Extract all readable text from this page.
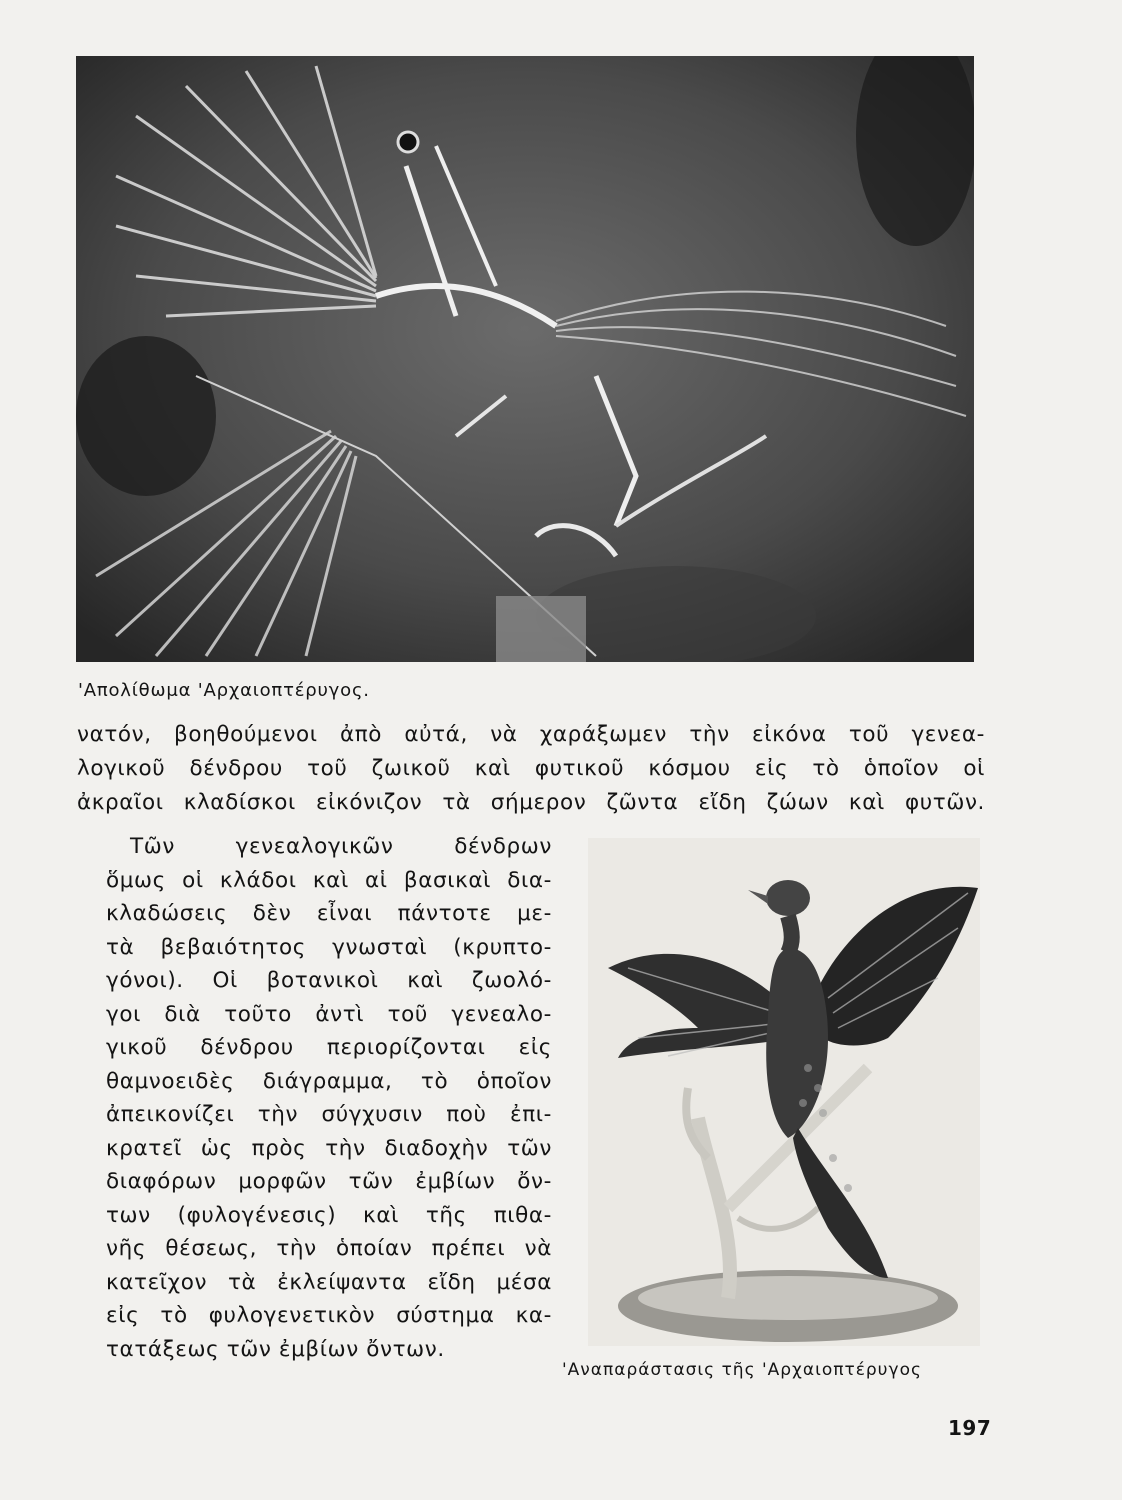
'Απολίθωμα 'Αρχαιοπτέρυγος.
νατόν, βοηθούμενοι ἀπὸ αὐτά, νὰ χαράξωμεν τὴν εἰκόνα τοῦ γενεα-
λογικοῦ δένδρου τοῦ ζωικοῦ καὶ φυτικοῦ κόσμου εἰς τὸ ὁποῖον οἱ
ἀκραῖοι κλαδίσκοι εἰκόνιζον τὰ σήμερον ζῶντα εἴδη ζώων καὶ φυτῶν.
Τῶν γενεαλογικῶν δένδρων
ὅμως οἱ κλάδοι καὶ αἱ βασικαὶ δια-
κλαδώσεις δὲν εἶναι πάντοτε με-
τὰ βεβαιότητος γνωσταὶ (κρυπτο-
γόνοι). Οἱ βοτανικοὶ καὶ ζωολό-
γοι διὰ τοῦτο ἀντὶ τοῦ γενεαλο-
γικοῦ δένδρου περιορίζονται εἰς
θαμνοειδὲς διάγραμμα, τὸ ὁποῖον
ἀπεικονίζει τὴν σύγχυσιν ποὺ ἐπι-
κρατεῖ ὡς πρὸς τὴν διαδοχὴν τῶν
διαφόρων μορφῶν τῶν ἐμβίων ὄν-
των (φυλογένεσις) καὶ τῆς πιθα-
νῆς θέσεως, τὴν ὁποίαν πρέπει νὰ
κατεῖχον τὰ ἐκλείψαντα εἴδη μέσα
εἰς τὸ φυλογενετικὸν σύστημα κα-
τατάξεως τῶν ἐμβίων ὄντων.
'Αναπαράστασις τῆς 'Αρχαιοπτέρυγος
197
